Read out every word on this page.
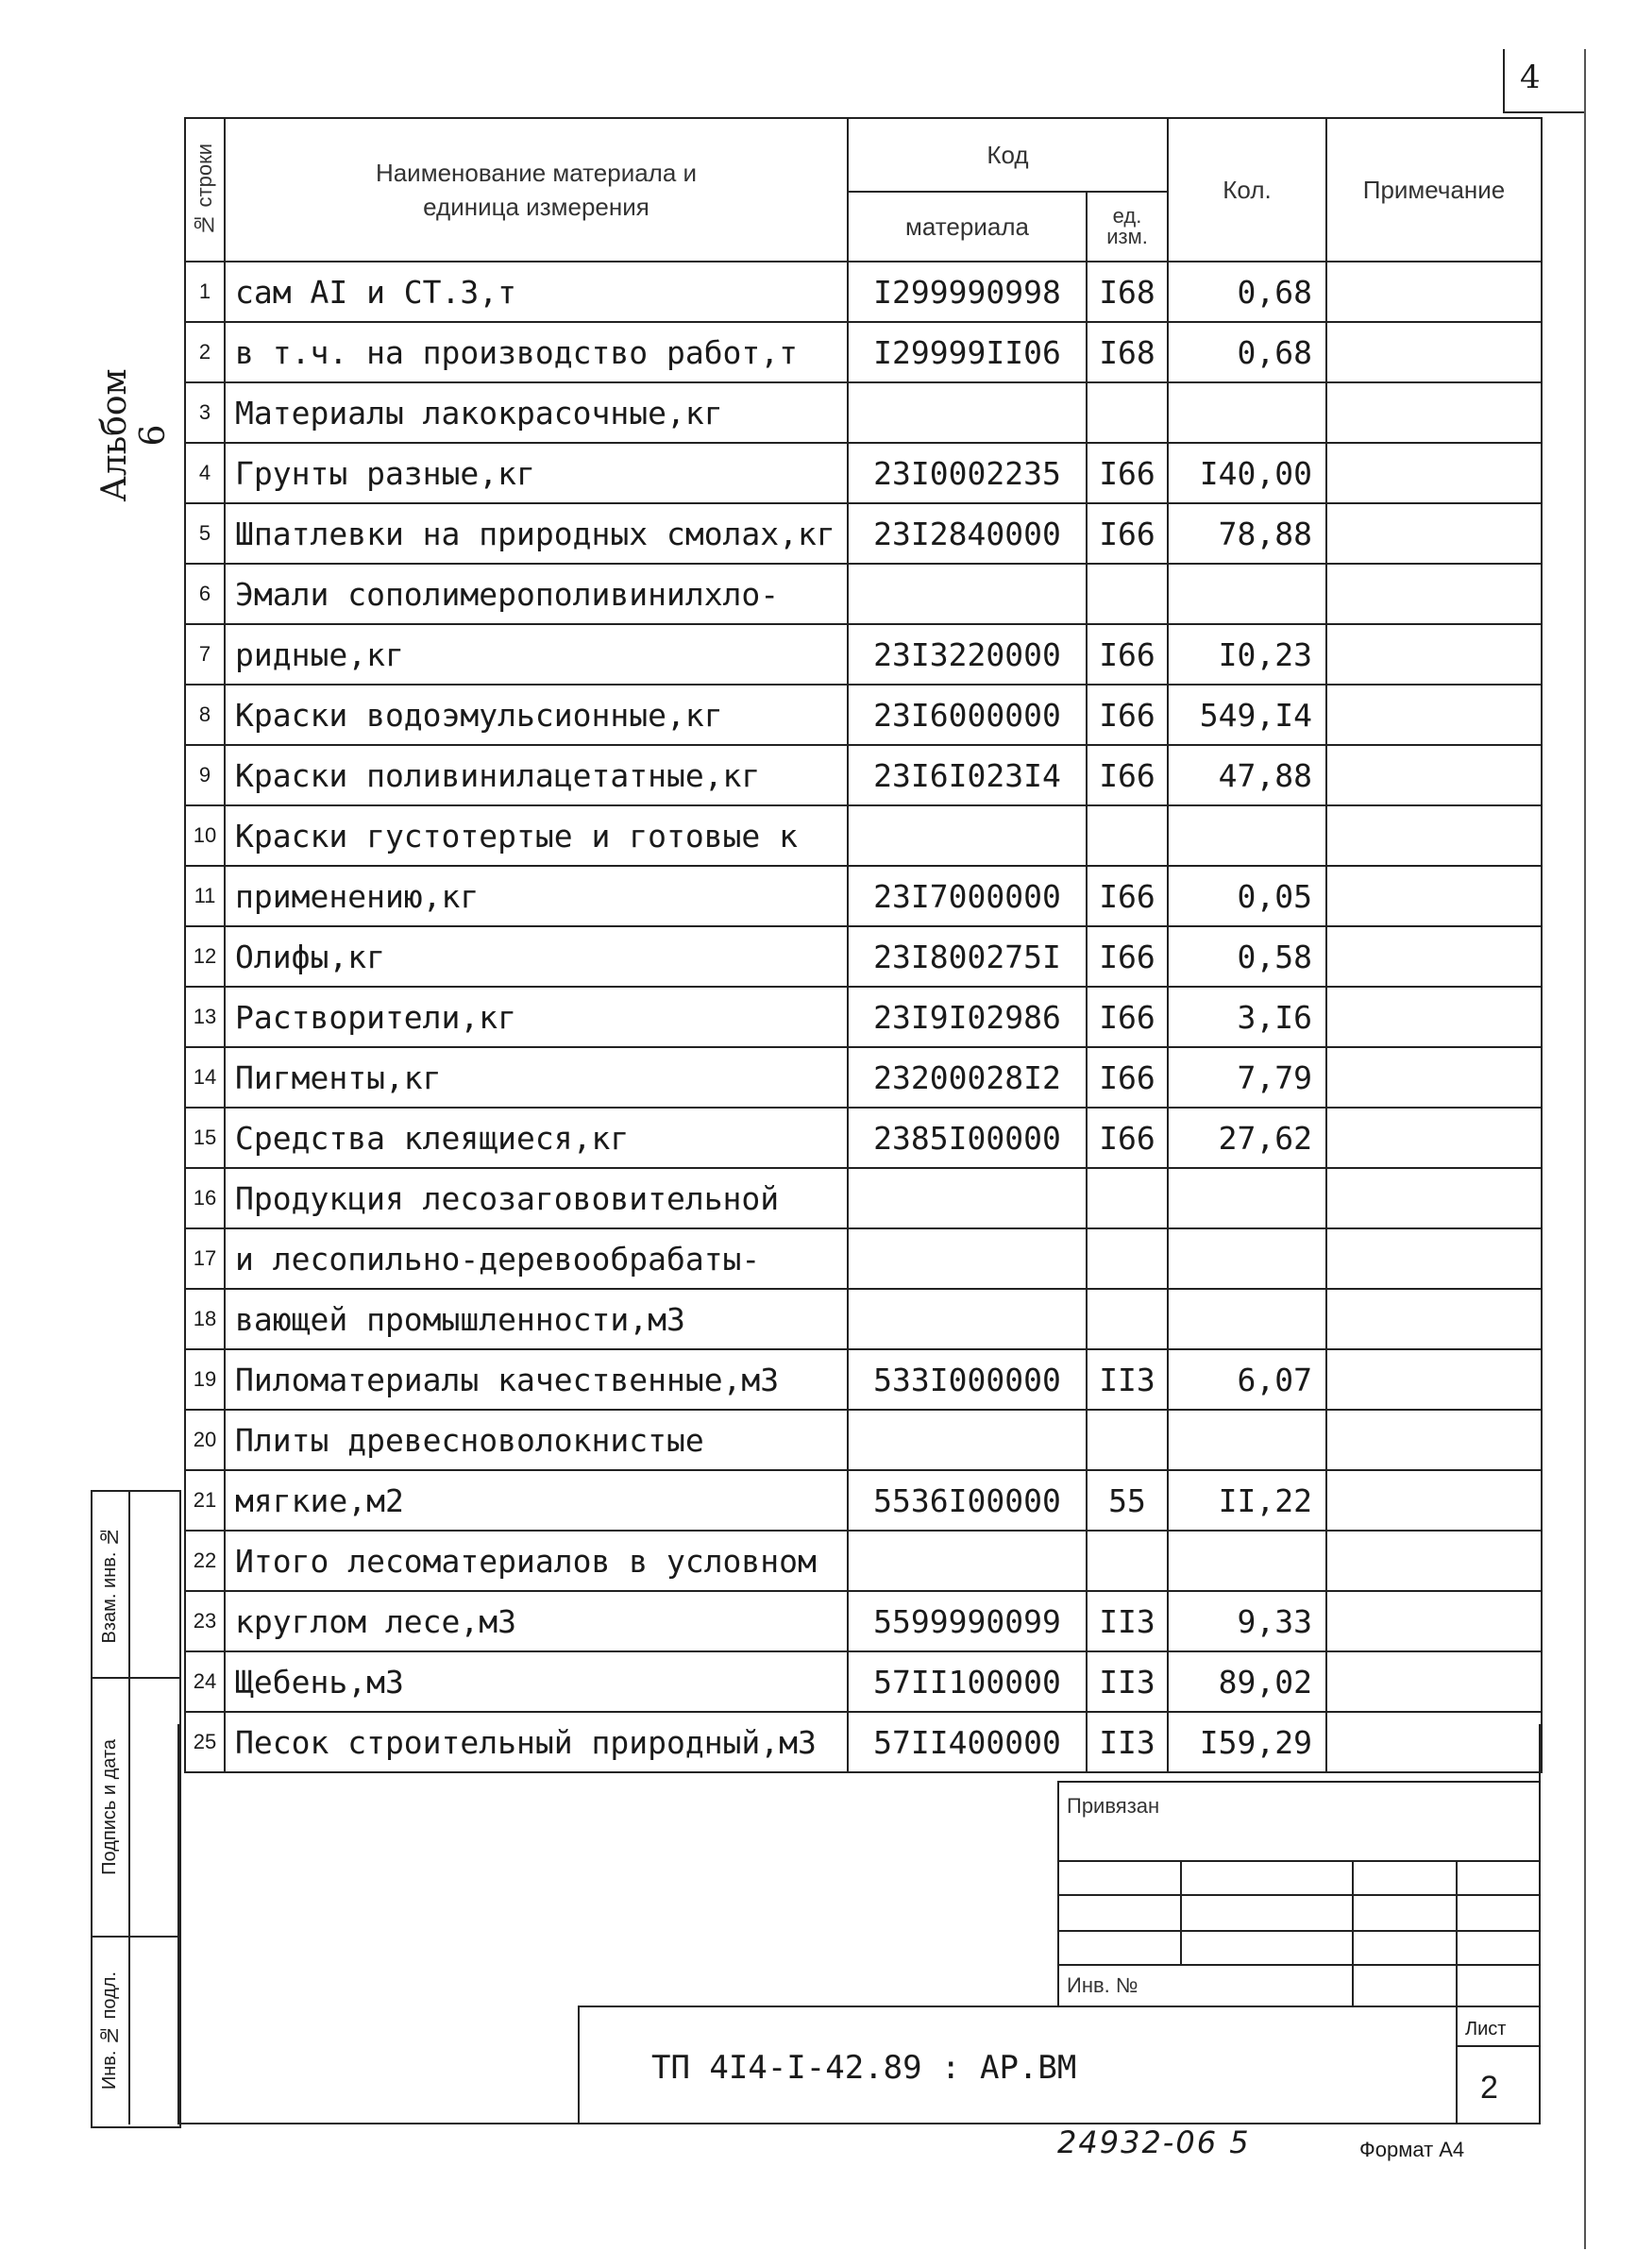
4
Альбом 6
№ строки	Наименование материала и
единица измерения	Код		Кол.	Примечание
		материала	ед.
изм.		
1	сам AI и СТ.3,т	I299990998	I68	0,68	
2	в т.ч. на производство работ,т	I29999II06	I68	0,68	
3	Материалы лакокрасочные,кг				
4	Грунты разные,кг	23I0002235	I66	I40,00	
5	Шпатлевки на природных смолах,кг	23I2840000	I66	78,88	
6	Эмали сополимерополивинилхло-				
7	ридные,кг	23I3220000	I66	I0,23	
8	Краски водоэмульсионные,кг	23I6000000	I66	549,I4	
9	Краски поливинилацетатные,кг	23I6I023I4	I66	47,88	
10	Краски густотертые и готовые к				
11	применению,кг	23I7000000	I66	0,05	
12	Олифы,кг	23I800275I	I66	0,58	
13	Растворители,кг	23I9I02986	I66	3,I6	
14	Пигменты,кг	23200028I2	I66	7,79	
15	Средства клеящиеся,кг	2385I00000	I66	27,62	
16	Продукция лесозагововительной				
17	и лесопильно-деревообрабаты-				
18	вающей промышленности,м3				
19	Пиломатериалы качественные,м3	533I000000	II3	6,07	
20	Плиты древесноволокнистые				
21	мягкие,м2	5536I00000	55	II,22	
22	Итого лесоматериалов в условном				
23	круглом лесе,м3	5599990099	II3	9,33	
24	Щебень,м3	57II100000	II3	89,02	
25	Песок строительный природный,м3	57II400000	II3	I59,29	
Взам. инв. №
Подпись и дата
Инв. № подл.
Привязан
Инв. №
ТП 4I4-I-42.89 : АР.ВМ
Лист
2
24932-06 5	Формат А4
